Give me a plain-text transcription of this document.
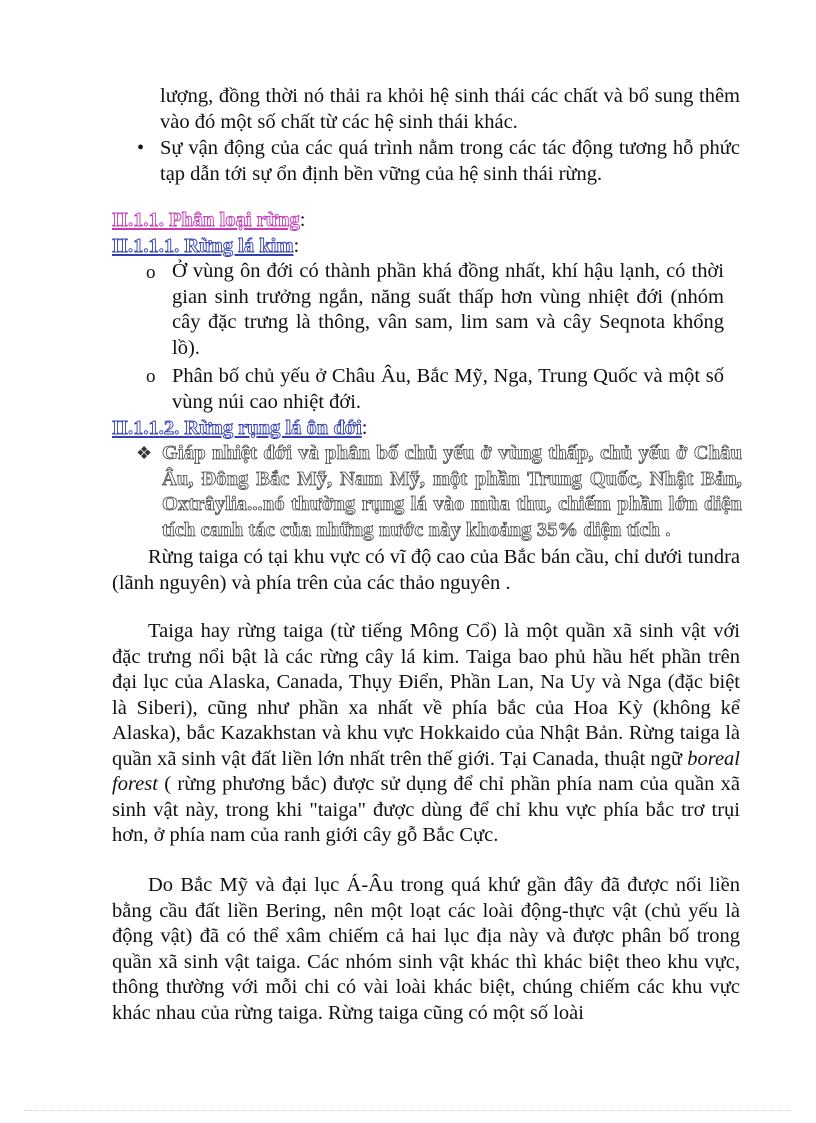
lượng, đồng thời nó thải ra khỏi hệ sinh thái các chất và bổ sung thêm vào đó một số chất từ các hệ sinh thái khác.

• Sự vận động của các quá trình nằm trong các tác động tương hỗ phức tạp dẫn tới sự ổn định bền vững của hệ sinh thái rừng.

II.1.1. Phân loại rừng:
II.1.1.1. Rừng lá kim:
o Ở vùng ôn đới có thành phần khá đồng nhất, khí hậu lạnh, có thời gian sinh trưởng ngắn, năng suất thấp hơn vùng nhiệt đới (nhóm cây đặc trưng là thông, vân sam, lim sam và cây Seqnota khổng lồ).

o Phân bố chủ yếu ở Châu Âu, Bắc Mỹ, Nga, Trung Quốc và một số vùng núi cao nhiệt đới.

II.1.1.2. Rừng rụng lá ôn đới:
❖ Giáp nhiệt đới và phân bố chủ yếu ở vùng thấp, chủ yếu ở Châu Âu, Đông Bắc Mỹ, Nam Mỹ, một phần Trung Quốc, Nhật Bản, Oxtrâylia...nó thường rụng lá vào mùa thu, chiếm phần lớn diện tích canh tác của những nước này khoảng 35% diện tích .

Rừng taiga có tại khu vực có vĩ độ cao của Bắc bán cầu, chỉ dưới tundra (lãnh nguyên) và phía trên của các thảo nguyên .

Taiga hay rừng taiga (từ tiếng Mông Cổ) là một quần xã sinh vật với đặc trưng nổi bật là các rừng cây lá kim. Taiga bao phủ hầu hết phần trên đại lục của Alaska, Canada, Thụy Điển, Phần Lan, Na Uy và Nga (đặc biệt là Siberi), cũng như phần xa nhất về phía bắc của Hoa Kỳ (không kể Alaska), bắc Kazakhstan và khu vực Hokkaido của Nhật Bản. Rừng taiga là quần xã sinh vật đất liền lớn nhất trên thế giới. Tại Canada, thuật ngữ boreal forest ( rừng phương bắc) được sử dụng để chỉ phần phía nam của quần xã sinh vật này, trong khi "taiga" được dùng để chỉ khu vực phía bắc trơ trụi hơn, ở phía nam của ranh giới cây gỗ Bắc Cực.

Do Bắc Mỹ và đại lục Á-Âu trong quá khứ gần đây đã được nối liền bằng cầu đất liền Bering, nên một loạt các loài động-thực vật (chủ yếu là động vật) đã có thể xâm chiếm cả hai lục địa này và được phân bố trong quần xã sinh vật taiga. Các nhóm sinh vật khác thì khác biệt theo khu vực, thông thường với mỗi chi có vài loài khác biệt, chúng chiếm các khu vực khác nhau của rừng taiga. Rừng taiga cũng có một số loài
